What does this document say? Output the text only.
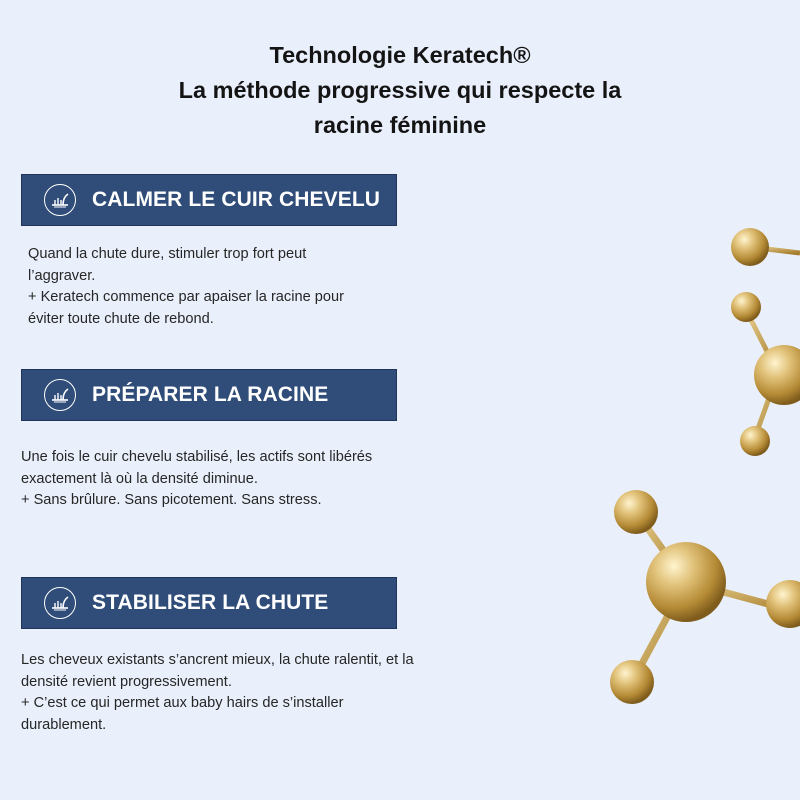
Technologie Keratech®
La méthode progressive qui respecte la
racine féminine
CALMER LE CUIR CHEVELU
Quand la chute dure, stimuler trop fort peut
l’aggraver.
+ Keratech commence par apaiser la racine pour
éviter toute chute de rebond.
PRÉPARER LA RACINE
Une fois le cuir chevelu stabilisé, les actifs sont libérés
exactement là où la densité diminue.
+ Sans brûlure. Sans picotement. Sans stress.
STABILISER LA CHUTE
Les cheveux existants s’ancrent mieux, la chute ralentit, et la
densité revient progressivement.
+ C’est ce qui permet aux baby hairs de s’installer
durablement.
